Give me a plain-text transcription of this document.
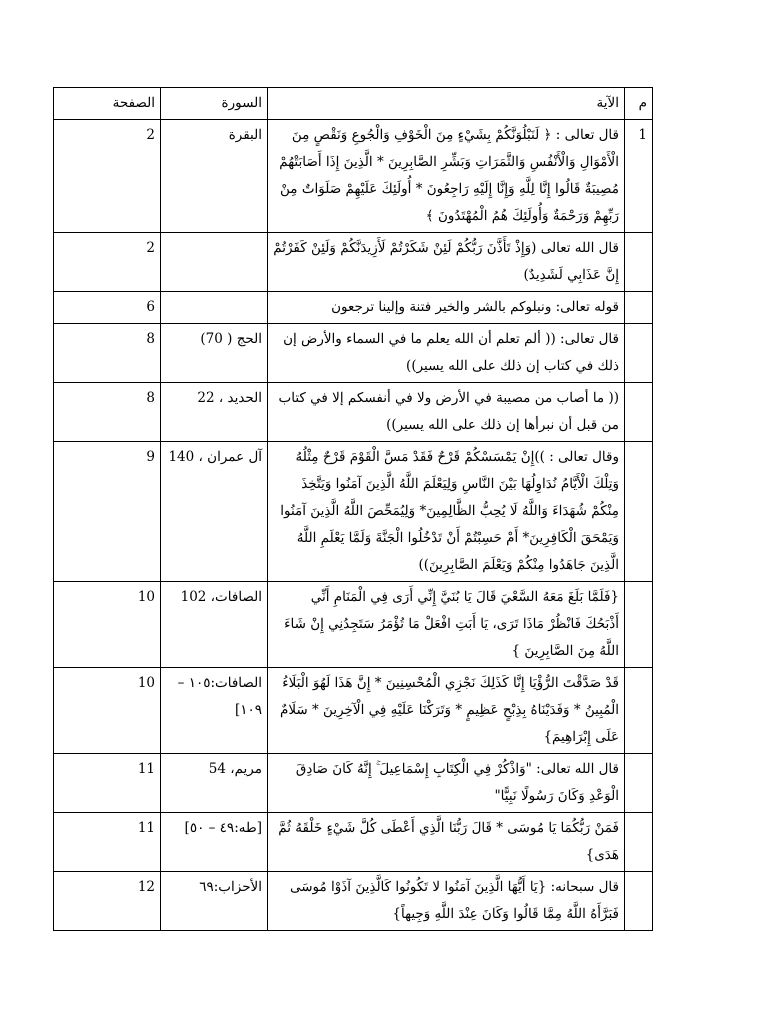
م	الآية	السورة	الصفحة
1	قال تعالى : ﴿ لَنَبْلُوَنَّكُمْ بِشَيْءٍ مِنَ الْخَوْفِ وَالْجُوعِ وَنَقْصٍ مِنَ الْأَمْوَالِ وَالْأَنْفُسِ وَالثَّمَرَاتِ وَبَشِّرِ الصَّابِرِينَ * الَّذِينَ إِذَا أَصَابَتْهُمْ مُصِيبَةٌ قَالُوا إِنَّا لِلَّهِ وَإِنَّا إِلَيْهِ رَاجِعُونَ * أُولَئِكَ عَلَيْهِمْ صَلَوَاتٌ مِنْ رَبِّهِمْ وَرَحْمَةٌ وَأُولَئِكَ هُمُ الْمُهْتَدُونَ ﴾	البقرة	2
	قال الله تعالى (وَإِذْ تَأَذَّنَ رَبُّكُمْ لَئِنْ شَكَرْتُمْ لَأَزِيدَنَّكُمْ وَلَئِنْ كَفَرْتُمْ إِنَّ عَذَابِي لَشَدِيدٌ)		2
	قوله تعالى: ونبلوكم بالشر والخير فتنة وإلينا ترجعون		6
	قال تعالى: (( ألم تعلم أن الله يعلم ما في السماء والأرض إن ذلك في كتاب إن ذلك على الله يسير))	الحج ( 70)	8
	(( ما أصاب من مصيبة في الأرض ولا في أنفسكم إلا في كتاب من قبل أن نبرأها إن ذلك على الله يسير))	الحديد ، 22	8
	وقال تعالى : ))إِنْ يَمْسَسْكُمْ قَرْحٌ فَقَدْ مَسَّ الْقَوْمَ قَرْحٌ مِثْلُهُ وَتِلْكَ الْأَيَّامُ نُدَاوِلُهَا بَيْنَ النَّاسِ وَلِيَعْلَمَ اللَّهُ الَّذِينَ آمَنُوا وَيَتَّخِذَ مِنْكُمْ شُهَدَاءَ وَاللَّهُ لَا يُحِبُّ الظَّالِمِينَ* وَلِيُمَحِّصَ اللَّهُ الَّذِينَ آمَنُوا وَيَمْحَقَ الْكَافِرِينَ* أَمْ حَسِبْتُمْ أَنْ تَدْخُلُوا الْجَنَّةَ وَلَمَّا يَعْلَمِ اللَّهُ الَّذِينَ جَاهَدُوا مِنْكُمْ وَيَعْلَمَ الصَّابِرِينَ))	آل عمران ، 140	9
	{فَلَمَّا بَلَغَ مَعَهُ السَّعْيَ قَالَ يَا بُنَيَّ إِنِّي أَرَى فِي الْمَنَامِ أَنِّي أَذْبَحُكَ فَانْظُرْ مَاذَا تَرَى، يَا أَبَتِ افْعَلْ مَا تُؤْمَرُ سَتَجِدُنِي إِنْ شَاءَ اللَّهُ مِنَ الصَّابِرِينَ }	الصافات، 102	10
	قَدْ صَدَّقْتَ الرُّؤْيَا إِنَّا كَذَلِكَ نَجْزِي الْمُحْسِنِينَ * إِنَّ هَذَا لَهُوَ الْبَلَاءُ الْمُبِينُ * وَفَدَيْنَاهُ بِذِبْحٍ عَظِيمٍ * وَتَرَكْنَا عَلَيْهِ فِي الْآخِرِينَ * سَلَامٌ عَلَى إِبْرَاهِيمَ}	الصافات:١٠٥ – ١٠٩]	10
	قال الله تعالى: "وَاذْكُرْ فِي الْكِتَابِ إِسْمَاعِيلَ ۚ إِنَّهُ كَانَ صَادِقَ الْوَعْدِ وَكَانَ رَسُولًا نَبِيًّا"	مريم، 54	11
	فَمَنْ رَبُّكُمَا يَا مُوسَى * قَالَ رَبُّنَا الَّذِي أَعْطَى كُلَّ شَيْءٍ خَلْقَهُ ثُمَّ هَدَى}	[طه:٤٩ – ٥٠]	11
	قال سبحانه: {يَا أَيُّهَا الَّذِينَ آمَنُوا لا تَكُونُوا كَالَّذِينَ آذَوْا مُوسَى فَبَرَّأَهُ اللَّهُ مِمَّا قَالُوا وَكَانَ عِنْدَ اللَّهِ وَجِيهاً}	الأحزاب:٦٩	12
